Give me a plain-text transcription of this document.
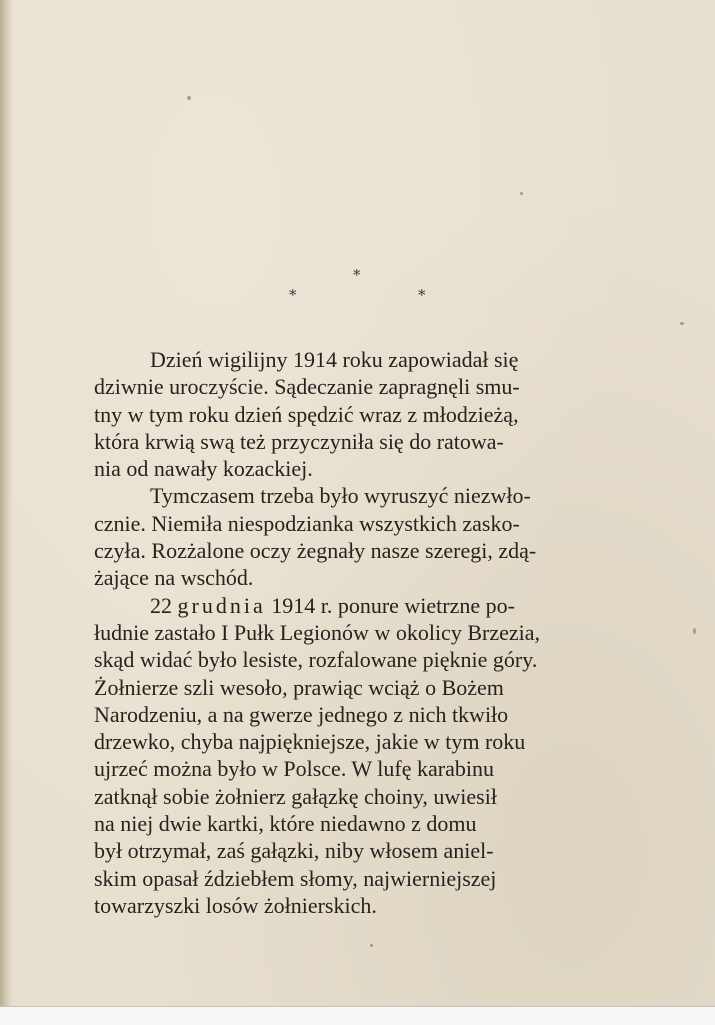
*
*	*
Dzień wigilijny 1914 roku zapowiadał się
dziwnie uroczyście. Sądeczanie zapragnęli smu-
tny w tym roku dzień spędzić wraz z młodzieżą,
która krwią swą też przyczyniła się do ratowa-
nia od nawały kozackiej.
Tymczasem trzeba było wyruszyć niezwło-
cznie. Niemiła niespodzianka wszystkich zasko-
czyła. Rozżalone oczy żegnały nasze szeregi, zdą-
żające na wschód.
22 grudnia 1914 r. ponure wietrzne po-
łudnie zastało I Pułk Legionów w okolicy Brzezia,
skąd widać było lesiste, rozfalowane pięknie góry.
Żołnierze szli wesoło, prawiąc wciąż o Bożem
Narodzeniu, a na gwerze jednego z nich tkwiło
drzewko, chyba najpiękniejsze, jakie w tym roku
ujrzeć można było w Polsce. W lufę karabinu
zatknął sobie żołnierz gałązkę choiny, uwiesił
na niej dwie kartki, które niedawno z domu
był otrzymał, zaś gałązki, niby włosem aniel-
skim opasał ździebłem słomy, najwierniejszej
towarzyszki losów żołnierskich.
